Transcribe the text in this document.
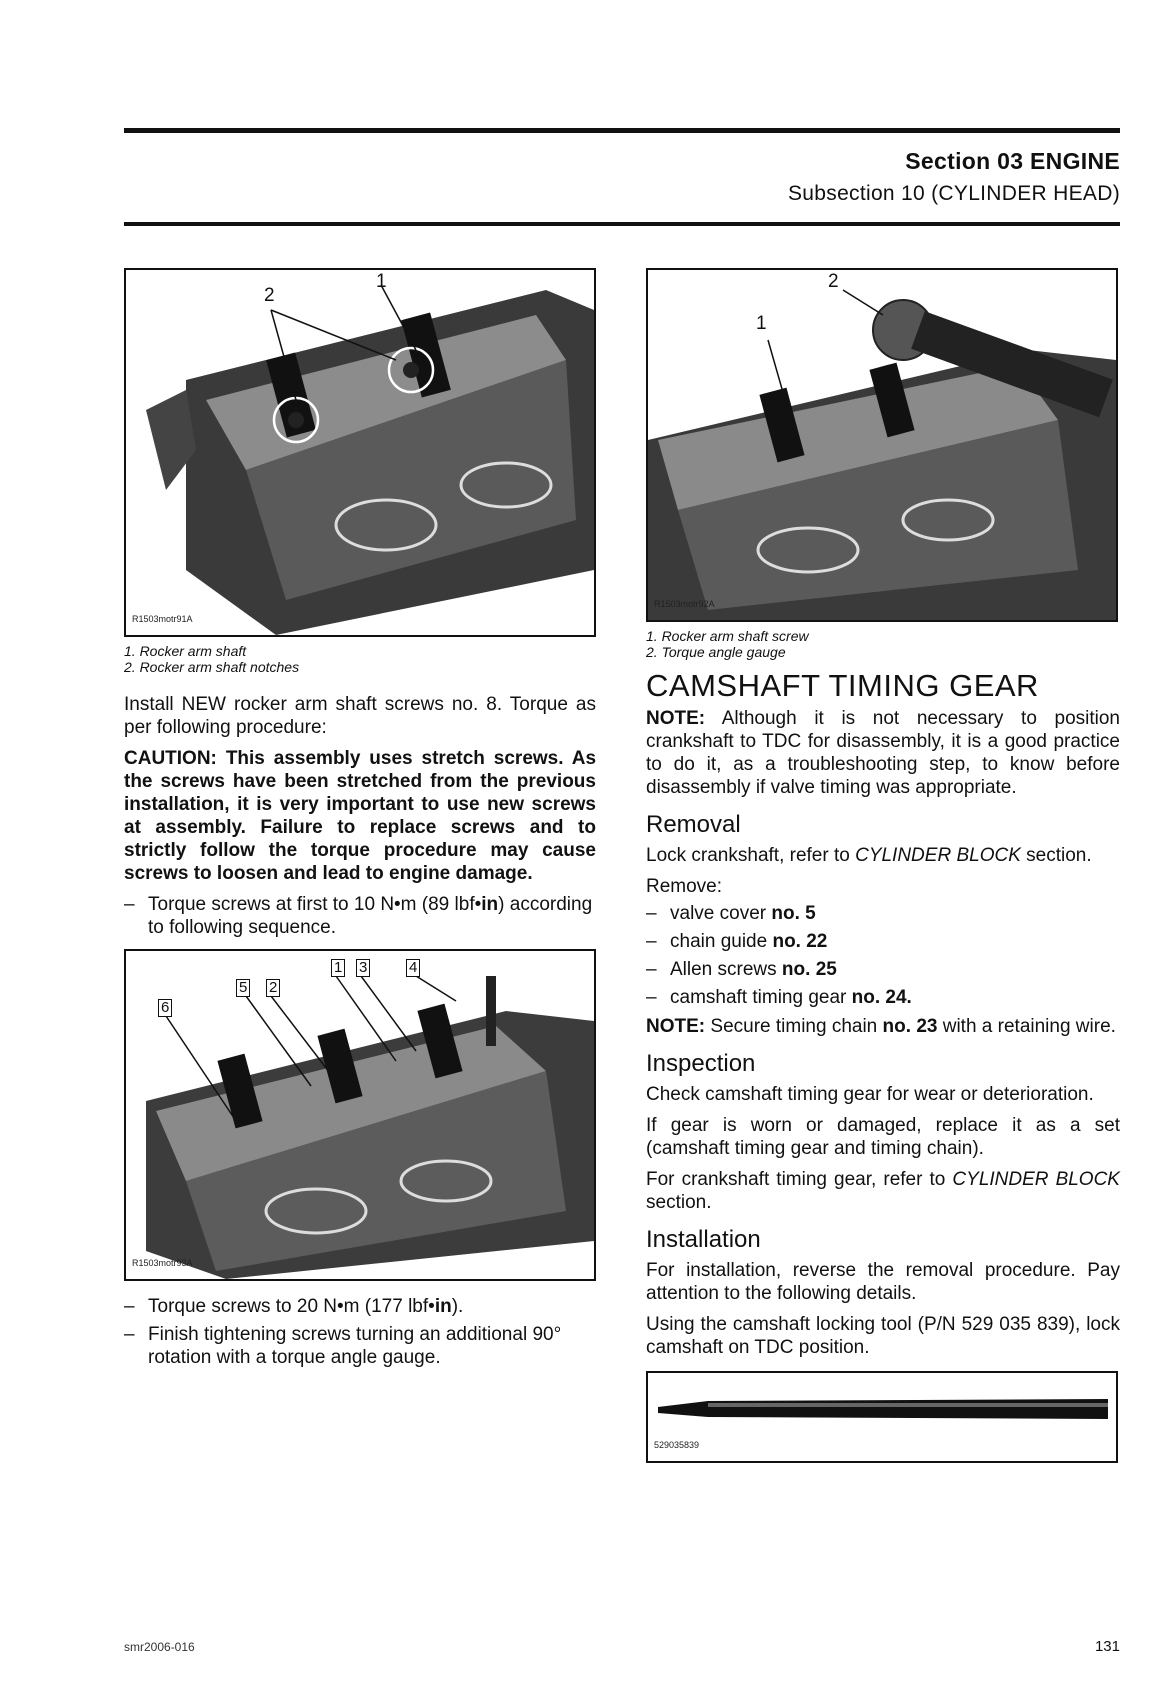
Section 03 ENGINE
Subsection 10 (CYLINDER HEAD)
2
1
R1503motr91A
1. Rocker arm shaft
2. Rocker arm shaft notches

Install NEW rocker arm shaft screws no. 8. Torque as per following procedure:

CAUTION: This assembly uses stretch screws. As the screws have been stretched from the previous installation, it is very important to use new screws at assembly. Failure to replace screws and to strictly follow the torque procedure may cause screws to loosen and lead to engine damage.

– Torque screws at first to 10 N•m (89 lbf•in) according to following sequence.
1 3	4
5 2
6
R1503motr93A
– Torque screws to 20 N•m (177 lbf•in).
– Finish tightening screws turning an additional 90° rotation with a torque angle gauge.
2
1
R1503motr92A
1. Rocker arm shaft screw
2. Torque angle gauge
CAMSHAFT TIMING GEAR

NOTE: Although it is not necessary to position crankshaft to TDC for disassembly, it is a good practice to do it, as a troubleshooting step, to know before disassembly if valve timing was appropriate.

Removal

Lock crankshaft, refer to CYLINDER BLOCK section.

Remove:

– valve cover no. 5
– chain guide no. 22
– Allen screws no. 25
– camshaft timing gear no. 24.

NOTE: Secure timing chain no. 23 with a retaining wire.

Inspection

Check camshaft timing gear for wear or deterioration.

If gear is worn or damaged, replace it as a set (camshaft timing gear and timing chain).

For crankshaft timing gear, refer to CYLINDER BLOCK section.

Installation

For installation, reverse the removal procedure. Pay attention to the following details.

Using the camshaft locking tool (P/N 529 035 839), lock camshaft on TDC position.

529035839
smr2006-016	131
